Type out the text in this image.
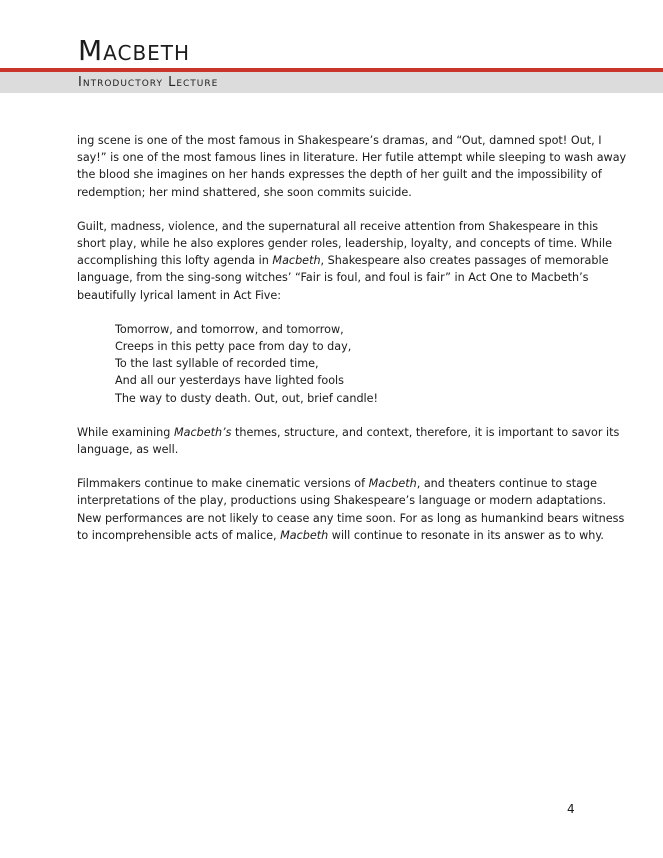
Macbeth
Introductory Lecture

ing scene is one of the most famous in Shakespeare’s dramas, and “Out, damned spot! Out, I say!” is one of the most famous lines in literature. Her futile attempt while sleeping to wash away the blood she imagines on her hands expresses the depth of her guilt and the impossibility of redemption; her mind shattered, she soon commits suicide.

Guilt, madness, violence, and the supernatural all receive attention from Shakespeare in this short play, while he also explores gender roles, leadership, loyalty, and concepts of time. While accomplishing this lofty agenda in Macbeth, Shakespeare also creates passages of memorable language, from the sing-song witches’ “Fair is foul, and foul is fair” in Act One to Macbeth’s beautifully lyrical lament in Act Five:

Tomorrow, and tomorrow, and tomorrow,
Creeps in this petty pace from day to day,
To the last syllable of recorded time,
And all our yesterdays have lighted fools
The way to dusty death. Out, out, brief candle!

While examining Macbeth’s themes, structure, and context, therefore, it is important to savor its language, as well.

Filmmakers continue to make cinematic versions of Macbeth, and theaters continue to stage interpretations of the play, productions using Shakespeare’s language or modern adaptations. New performances are not likely to cease any time soon. For as long as humankind bears witness to incomprehensible acts of malice, Macbeth will continue to resonate in its answer as to why.

4
